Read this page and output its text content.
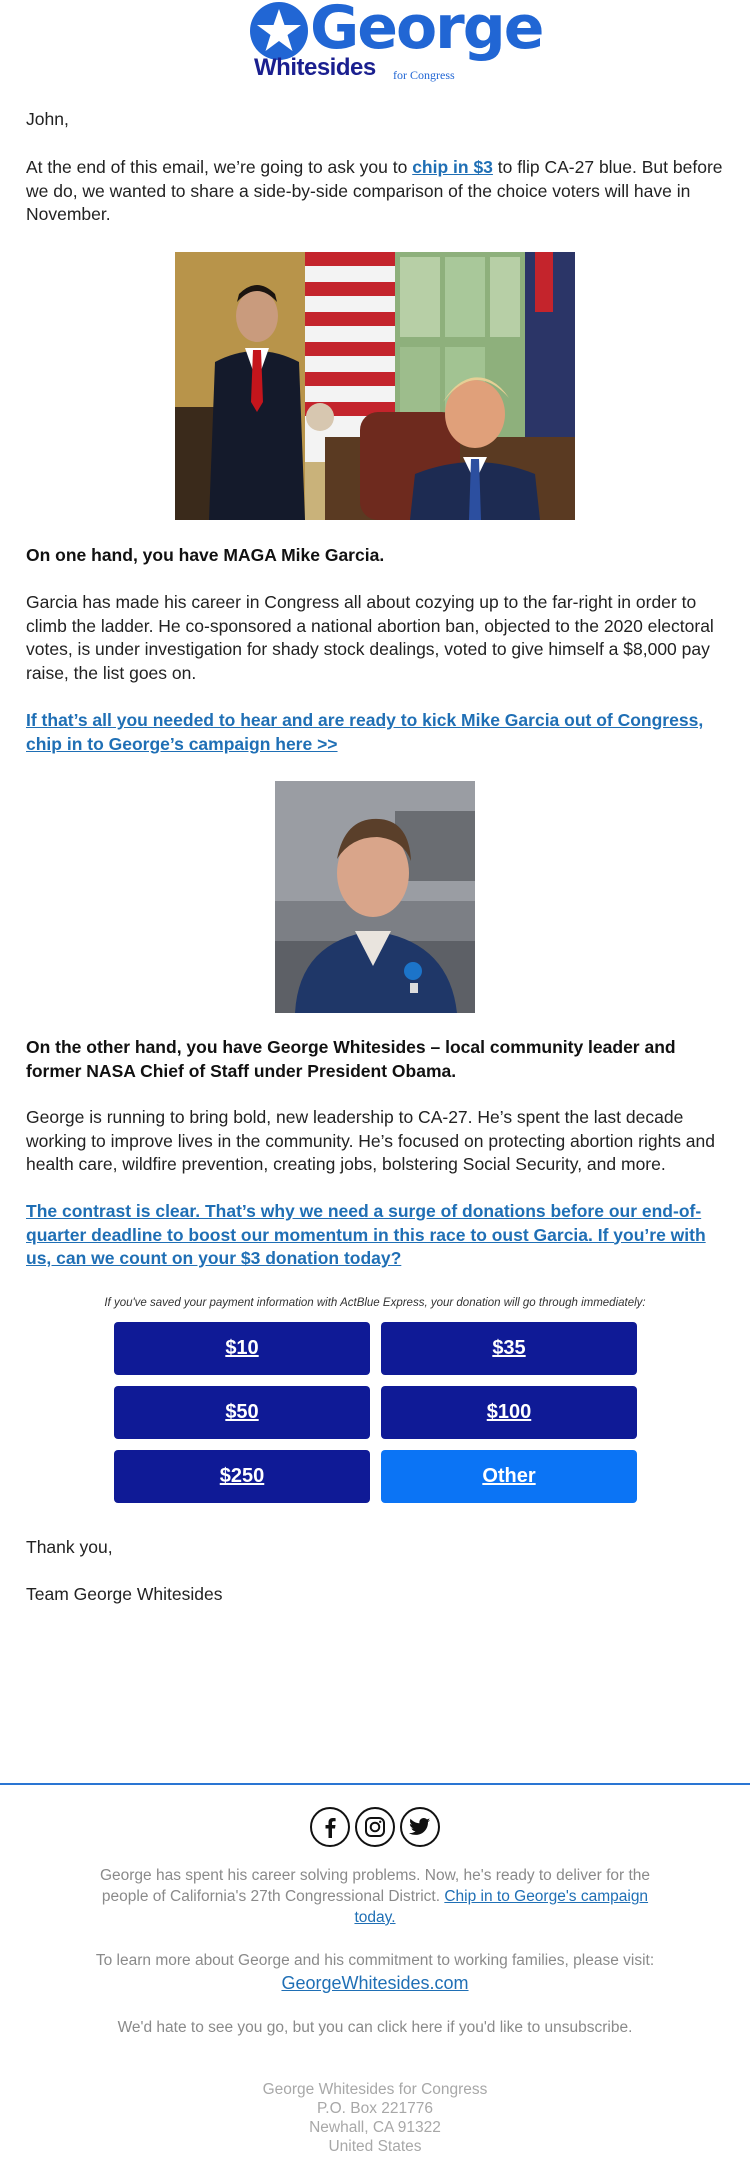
George
Whitesides for Congress
John,
At the end of this email, we’re going to ask you to chip in $3 to flip CA-27 blue. But before we do, we wanted to share a side-by-side comparison of the choice voters will have in November.
On one hand, you have MAGA Mike Garcia.
Garcia has made his career in Congress all about cozying up to the far-right in order to climb the ladder. He co-sponsored a national abortion ban, objected to the 2020 electoral votes, is under investigation for shady stock dealings, voted to give himself a $8,000 pay raise, the list goes on.
If that’s all you needed to hear and are ready to kick Mike Garcia out of Congress, chip in to George’s campaign here >>
On the other hand, you have George Whitesides – local community leader and former NASA Chief of Staff under President Obama.
George is running to bring bold, new leadership to CA-27. He’s spent the last decade working to improve lives in the community. He’s focused on protecting abortion rights and health care, wildfire prevention, creating jobs, bolstering Social Security, and more.
The contrast is clear. That’s why we need a surge of donations before our end-of-quarter deadline to boost our momentum in this race to oust Garcia. If you’re with us, can we count on your $3 donation today?
If you've saved your payment information with ActBlue Express, your donation will go through immediately:
$10	$35
$50	$100
$250	Other
Thank you,
Team George Whitesides
George has spent his career solving problems. Now, he's ready to deliver for the people of California's 27th Congressional District. Chip in to George's campaign today.
To learn more about George and his commitment to working families, please visit:
GeorgeWhitesides.com
We'd hate to see you go, but you can click here if you'd like to unsubscribe.
George Whitesides for Congress
P.O. Box 221776
Newhall, CA 91322
United States
